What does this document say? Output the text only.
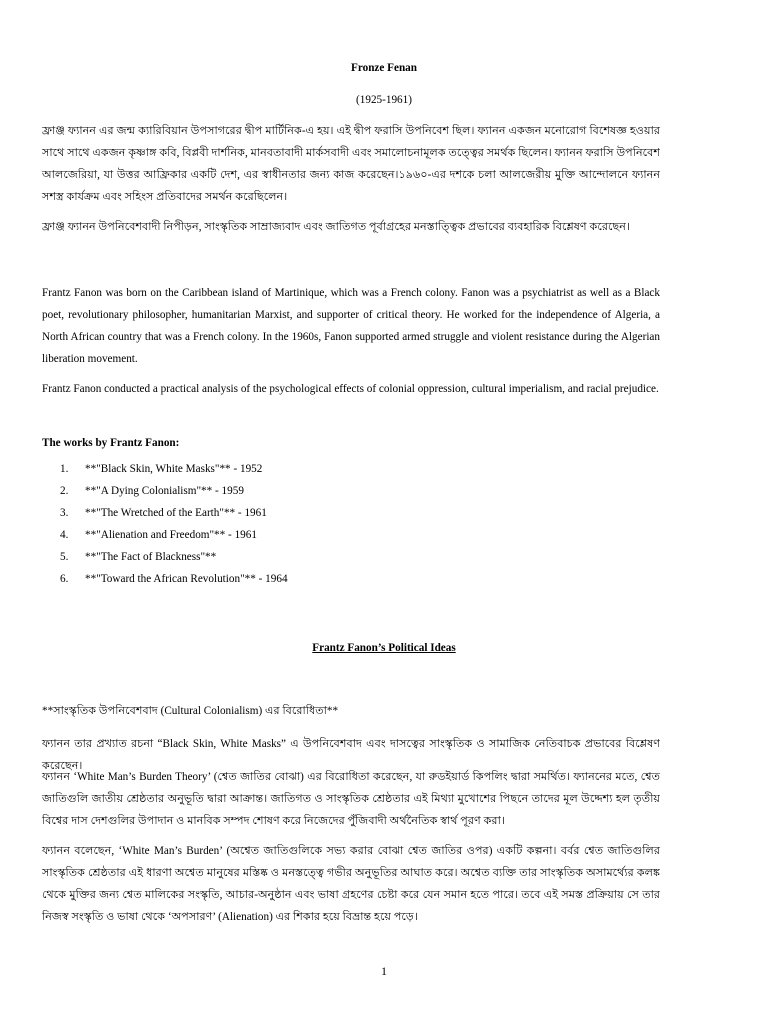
Fronze Fenan
(1925-1961)

ফ্রাঞ্জ ফ্যানন এর জন্ম ক্যারিবিয়ান উপসাগরের দ্বীপ মার্টিনিক-এ হয়। এই দ্বীপ ফরাসি উপনিবেশ ছিল। ফ্যানন একজন মনোরোগ বিশেষজ্ঞ হওয়ার সাথে সাথে একজন কৃষ্ণাঙ্গ কবি, বিপ্লবী দার্শনিক, মানবতাবাদী মার্কসবাদী এবং সমালোচনামূলক তত্ত্বের সমর্থক ছিলেন। ফ্যানন ফরাসি উপনিবেশ আলজেরিয়া, যা উত্তর আফ্রিকার একটি দেশ, এর স্বাধীনতার জন্য কাজ করেছেন।১৯৬০-এর দশকে চলা আলজেরীয় মুক্তি আন্দোলনে ফ্যানন সশস্ত্র কার্যক্রম এবং সহিংস প্রতিবাদের সমর্থন করেছিলেন।

ফ্রাঞ্জ ফ্যানন উপনিবেশবাদী নিপীড়ন, সাংস্কৃতিক সাম্রাজ্যবাদ এবং জাতিগত পূর্বাগ্রহের মনস্তাত্ত্বিক প্রভাবের ব্যবহারিক বিশ্লেষণ করেছেন।

Frantz Fanon was born on the Caribbean island of Martinique, which was a French colony. Fanon was a psychiatrist as well as a Black poet, revolutionary philosopher, humanitarian Marxist, and supporter of critical theory. He worked for the independence of Algeria, a North African country that was a French colony. In the 1960s, Fanon supported armed struggle and violent resistance during the Algerian liberation movement.

Frantz Fanon conducted a practical analysis of the psychological effects of colonial oppression, cultural imperialism, and racial prejudice.

The works by Frantz Fanon:
1.	**"Black Skin, White Masks"** - 1952
2.	**"A Dying Colonialism"** - 1959
3.	**"The Wretched of the Earth"** - 1961
4.	**"Alienation and Freedom"** - 1961
5.	**"The Fact of Blackness"**
6.	**"Toward the African Revolution"** - 1964
Frantz Fanon’s Political Ideas

**সাংস্কৃতিক উপনিবেশবাদ (Cultural Colonialism) এর বিরোধিতা**

ফ্যানন তার প্রখ্যাত রচনা “Black Skin, White Masks” এ উপনিবেশবাদ এবং দাসত্বের সাংস্কৃতিক ও সামাজিক নেতিবাচক প্রভাবের বিশ্লেষণ করেছেন।

ফ্যানন ‘White Man’s Burden Theory’ (শ্বেত জাতির বোঝা) এর বিরোধিতা করেছেন, যা রুডইয়ার্ড কিপলিং দ্বারা সমর্থিত। ফ্যাননের মতে, শ্বেত জাতিগুলি জাতীয় শ্রেষ্ঠতার অনুভূতি দ্বারা আক্রান্ত। জাতিগত ও সাংস্কৃতিক শ্রেষ্ঠতার এই মিথ্যা মুখোশের পিছনে তাদের মূল উদ্দেশ্য হল তৃতীয় বিশ্বের দাস দেশগুলির উপাদান ও মানবিক সম্পদ শোষণ করে নিজেদের পুঁজিবাদী অর্থনৈতিক স্বার্থ পূরণ করা।

ফ্যানন বলেছেন, ‘White Man’s Burden’ (অশ্বেত জাতিগুলিকে সভ্য করার বোঝা শ্বেত জাতির ওপর) একটি কল্পনা। বর্বর শ্বেত জাতিগুলির সাংস্কৃতিক শ্রেষ্ঠতার এই ধারণা অশ্বেত মানুষের মস্তিষ্ক ও মনস্তত্ত্বে গভীর অনুভূতির আঘাত করে। অশ্বেত ব্যক্তি তার সাংস্কৃতিক অসামর্থ্যের কলঙ্ক থেকে মুক্তির জন্য শ্বেত মালিকের সংস্কৃতি, আচার-অনুষ্ঠান এবং ভাষা গ্রহণের চেষ্টা করে যেন সমান হতে পারে। তবে এই সমস্ত প্রক্রিয়ায় সে তার নিজস্ব সংস্কৃতি ও ভাষা থেকে ‘অপসারণ’ (Alienation) এর শিকার হয়ে বিভ্রান্ত হয়ে পড়ে।

1
